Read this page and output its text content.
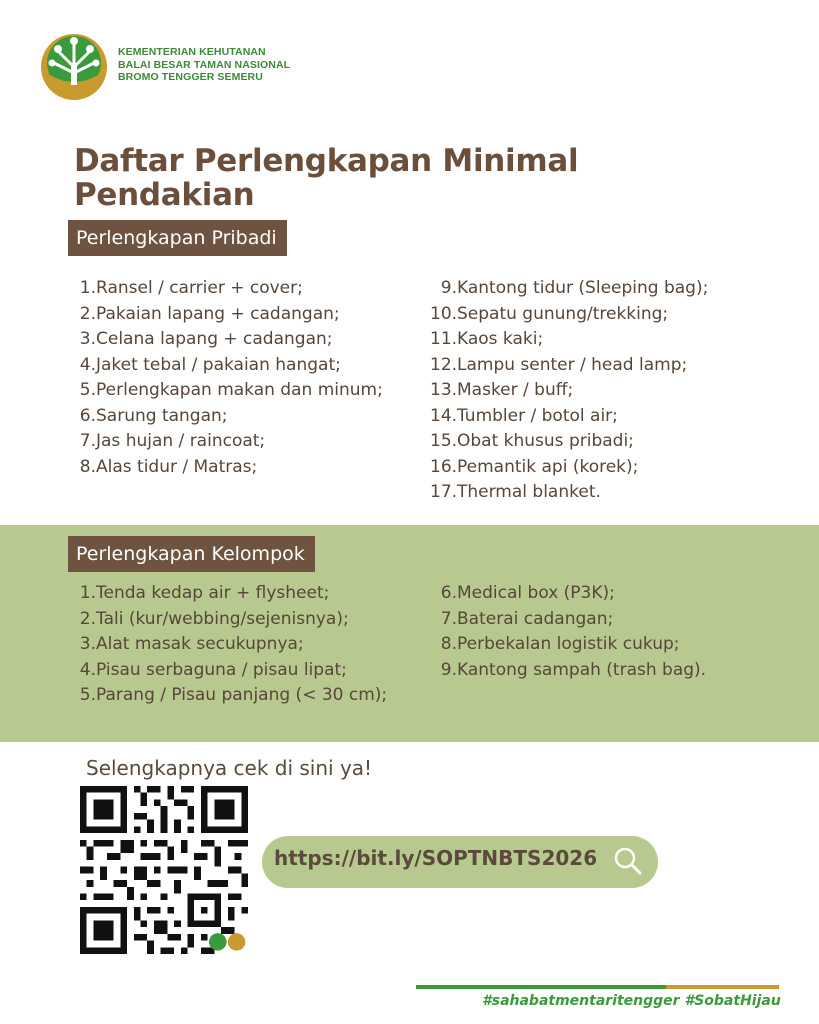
KEMENTERIAN KEHUTANAN
BALAI BESAR TAMAN NASIONAL
BROMO TENGGER SEMERU
Daftar Perlengkapan Minimal
Pendakian
Perlengkapan Pribadi
1.Ransel / carrier + cover;
2.Pakaian lapang + cadangan;
3.Celana lapang + cadangan;
4.Jaket tebal / pakaian hangat;
5.Perlengkapan makan dan minum;
6.Sarung tangan;
7.Jas hujan / raincoat;
8.Alas tidur / Matras;
9.Kantong tidur (Sleeping bag);
10.Sepatu gunung/trekking;
11.Kaos kaki;
12.Lampu senter / head lamp;
13.Masker / buff;
14.Tumbler / botol air;
15.Obat khusus pribadi;
16.Pemantik api (korek);
17.Thermal blanket.
Perlengkapan Kelompok
1.Tenda kedap air + flysheet;
2.Tali (kur/webbing/sejenisnya);
3.Alat masak secukupnya;
4.Pisau serbaguna / pisau lipat;
5.Parang / Pisau panjang (< 30 cm);
6.Medical box (P3K);
7.Baterai cadangan;
8.Perbekalan logistik cukup;
9.Kantong sampah (trash bag).
Selengkapnya cek di sini ya!
https://bit.ly/SOPTNBTS2026
#sahabatmentaritengger #SobatHijau
